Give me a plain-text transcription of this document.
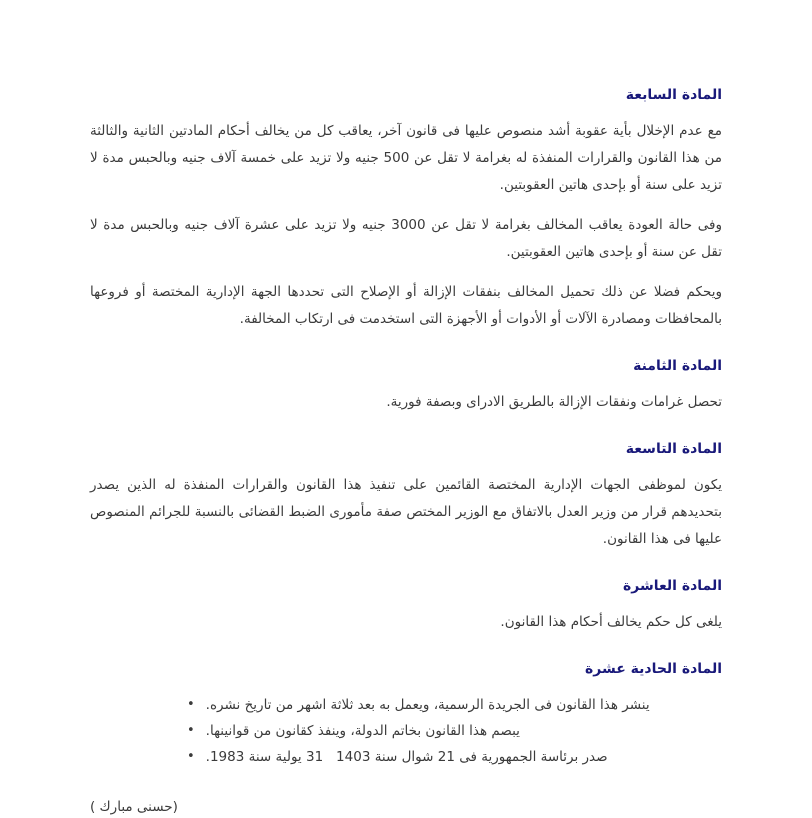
المادة السابعة

مع عدم الإخلال بأية عقوبة أشد منصوص عليها فى قانون آخر، يعاقب كل من يخالف أحكام المادتين الثانية والثالثة من هذا القانون والقرارات المنفذة له بغرامة لا تقل عن 500 جنيه ولا تزيد على خمسة آلاف جنيه وبالحبس مدة لا تزيد على سنة أو بإحدى هاتين العقوبتين.

وفى حالة العودة يعاقب المخالف بغرامة لا تقل عن 3000 جنيه ولا تزيد على عشرة آلاف جنيه وبالحبس مدة لا تقل عن سنة أو بإحدى هاتين العقوبتين.

ويحكم فضلا عن ذلك تحميل المخالف بنفقات الإزالة أو الإصلاح التى تحددها الجهة الإدارية المختصة أو فروعها بالمحافظات ومصادرة الآلات أو الأدوات أو الأجهزة التى استخدمت فى ارتكاب المخالفة.

المادة الثامنة

تحصل غرامات ونفقات الإزالة بالطريق الادراى وبصفة فورية.

المادة التاسعة

يكون لموظفى الجهات الإدارية المختصة القائمين على تنفيذ هذا القانون والقرارات المنفذة له الذين يصدر بتحديدهم قرار من وزير العدل بالاتفاق مع الوزير المختص صفة مأمورى الضبط القضائى بالنسبة للجرائم المنصوص عليها فى هذا القانون.

المادة العاشرة

يلغى كل حكم يخالف أحكام هذا القانون.

المادة الحادية عشرة
• ينشر هذا القانون فى الجريدة الرسمية، ويعمل به بعد ثلاثة اشهر من تاريخ نشره.
• يبصم هذا القانون بخاتم الدولة، وينفذ كقانون من قوانينها.
• صدر برئاسة الجمهورية فى 21 شوال سنة 1403   31 يولية سنة 1983.
(حسنى مبارك )
